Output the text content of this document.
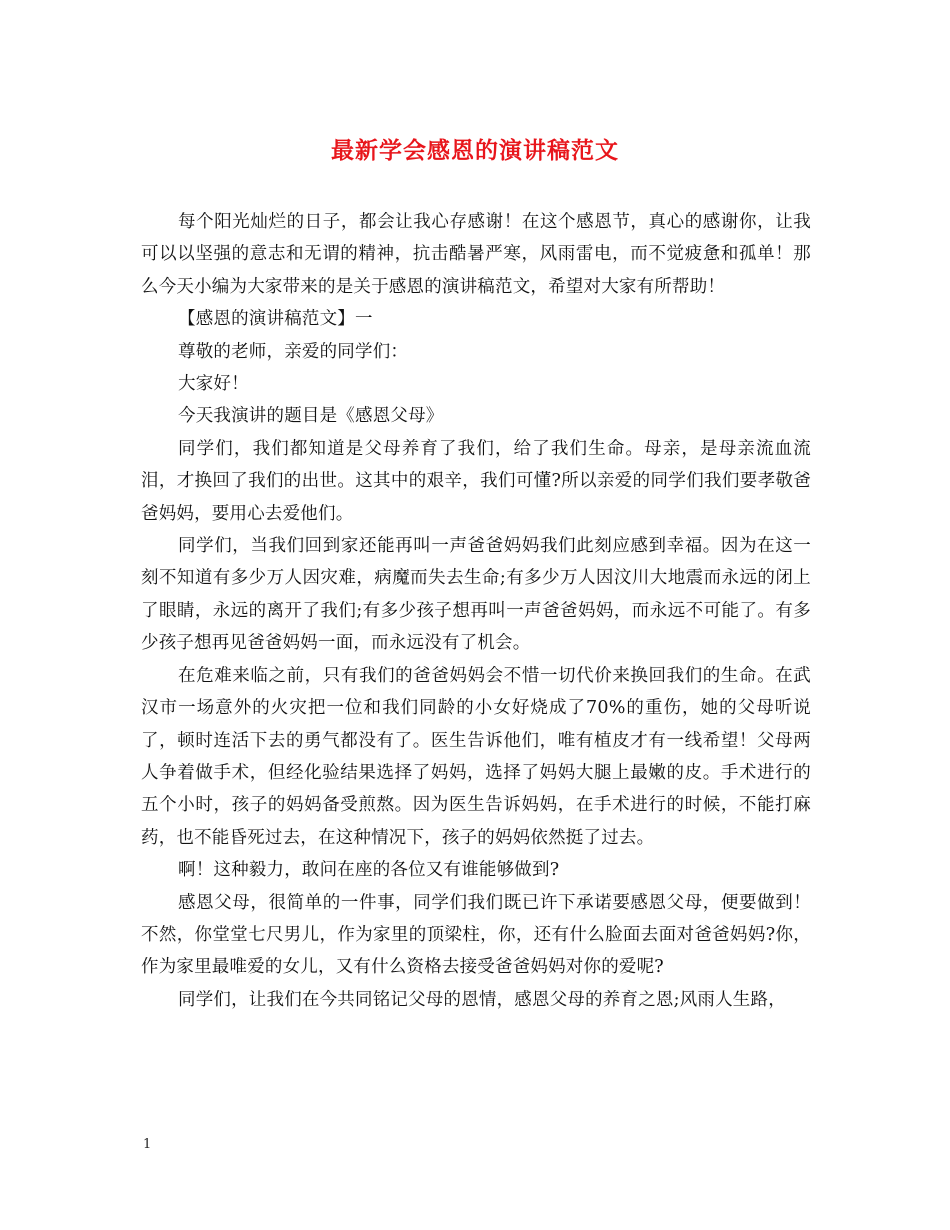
最新学会感恩的演讲稿范文

每个阳光灿烂的日子，都会让我心存感谢！在这个感恩节，真心的感谢你，让我可以以坚强的意志和无谓的精神，抗击酷暑严寒，风雨雷电，而不觉疲惫和孤单！那么今天小编为大家带来的是关于感恩的演讲稿范文，希望对大家有所帮助！

【感恩的演讲稿范文】一

尊敬的老师，亲爱的同学们：

大家好！

今天我演讲的题目是《感恩父母》

同学们，我们都知道是父母养育了我们，给了我们生命。母亲，是母亲流血流泪，才换回了我们的出世。这其中的艰辛，我们可懂?所以亲爱的同学们我们要孝敬爸爸妈妈，要用心去爱他们。

同学们，当我们回到家还能再叫一声爸爸妈妈我们此刻应感到幸福。因为在这一刻不知道有多少万人因灾难，病魔而失去生命;有多少万人因汶川大地震而永远的闭上了眼睛，永远的离开了我们;有多少孩子想再叫一声爸爸妈妈，而永远不可能了。有多少孩子想再见爸爸妈妈一面，而永远没有了机会。

在危难来临之前，只有我们的爸爸妈妈会不惜一切代价来换回我们的生命。在武汉市一场意外的火灾把一位和我们同龄的小女好烧成了70%的重伤，她的父母听说了，顿时连活下去的勇气都没有了。医生告诉他们，唯有植皮才有一线希望！父母两人争着做手术，但经化验结果选择了妈妈，选择了妈妈大腿上最嫩的皮。手术进行的五个小时，孩子的妈妈备受煎熬。因为医生告诉妈妈，在手术进行的时候，不能打麻药，也不能昏死过去，在这种情况下，孩子的妈妈依然挺了过去。

啊！这种毅力，敢问在座的各位又有谁能够做到?

感恩父母，很简单的一件事，同学们我们既已许下承诺要感恩父母，便要做到！不然，你堂堂七尺男儿，作为家里的顶梁柱，你，还有什么脸面去面对爸爸妈妈?你，作为家里最唯爱的女儿，又有什么资格去接受爸爸妈妈对你的爱呢?

同学们，让我们在今共同铭记父母的恩情，感恩父母的养育之恩;风雨人生路，

1
